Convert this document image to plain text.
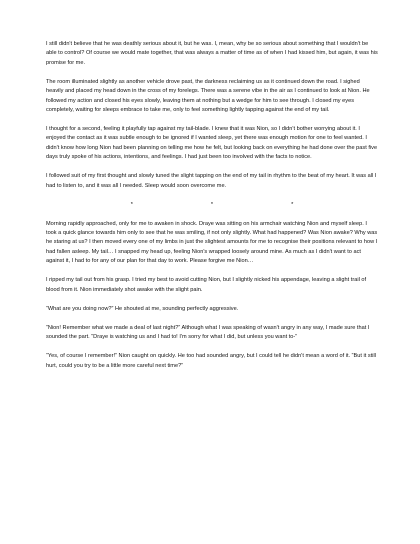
I still didn't believe that he was deathly serious about it, but he was. I, mean, why be so serious about something that I wouldn't be able to control? Of course we would mate together, that was always a matter of time as of when I had kissed him, but again, it was his promise for me.

The room illuminated slightly as another vehicle drove past, the darkness reclaiming us as it continued down the road. I sighed heavily and placed my head down in the cross of my forelegs. There was a serene vibe in the air as I continued to look at Nion. He followed my action and closed his eyes slowly, leaving them at nothing but a wedge for him to see through. I closed my eyes completely, waiting for sleeps embrace to take me, only to feel something lightly tapping against the end of my tail.

I thought for a second, feeling it playfully tap against my tail-blade. I knew that it was Nion, so I didn't bother worrying about it. I enjoyed the contact as it was subtle enough to be ignored if I wanted sleep, yet there was enough motion for one to feel wanted. I didn't know how long Nion had been planning on telling me how he felt, but looking back on everything he had done over the past five days truly spoke of his actions, intentions, and feelings. I had just been too involved with the facts to notice.

I followed suit of my first thought and slowly tuned the slight tapping on the end of my tail in rhythm to the beat of my heart. It was all I had to listen to, and it was all I needed. Sleep would soon overcome me.

*	*	*

Morning rapidly approached, only for me to awaken in shock. Draye was sitting on his armchair watching Nion and myself sleep. I took a quick glance towards him only to see that he was smiling, if not only slightly. What had happened? Was Nion awake? Why was he staring at us? I then moved every one of my limbs in just the slightest amounts for me to recognise their positions relevant to how I had fallen asleep. My tail… I snapped my head up, feeling Nion's wrapped loosely around mine. As much as I didn't want to act against it, I had to for any of our plan for that day to work. Please forgive me Nion…

I ripped my tail out from his grasp. I tried my best to avoid cutting Nion, but I slightly nicked his appendage, leaving a slight trail of blood from it. Nion immediately shot awake with the slight pain.

“What are you doing now?” He shouted at me, sounding perfectly aggressive.

“Nion! Remember what we made a deal of last night?” Although what I was speaking of wasn't angry in any way, I made sure that I sounded the part. “Draye is watching us and I had to! I'm sorry for what I did, but unless you want to-”

“Yes, of course I remember!” Nion caught on quickly. He too had sounded angry, but I could tell he didn't mean a word of it. “But it still hurt, could you try to be a little more careful next time?”
